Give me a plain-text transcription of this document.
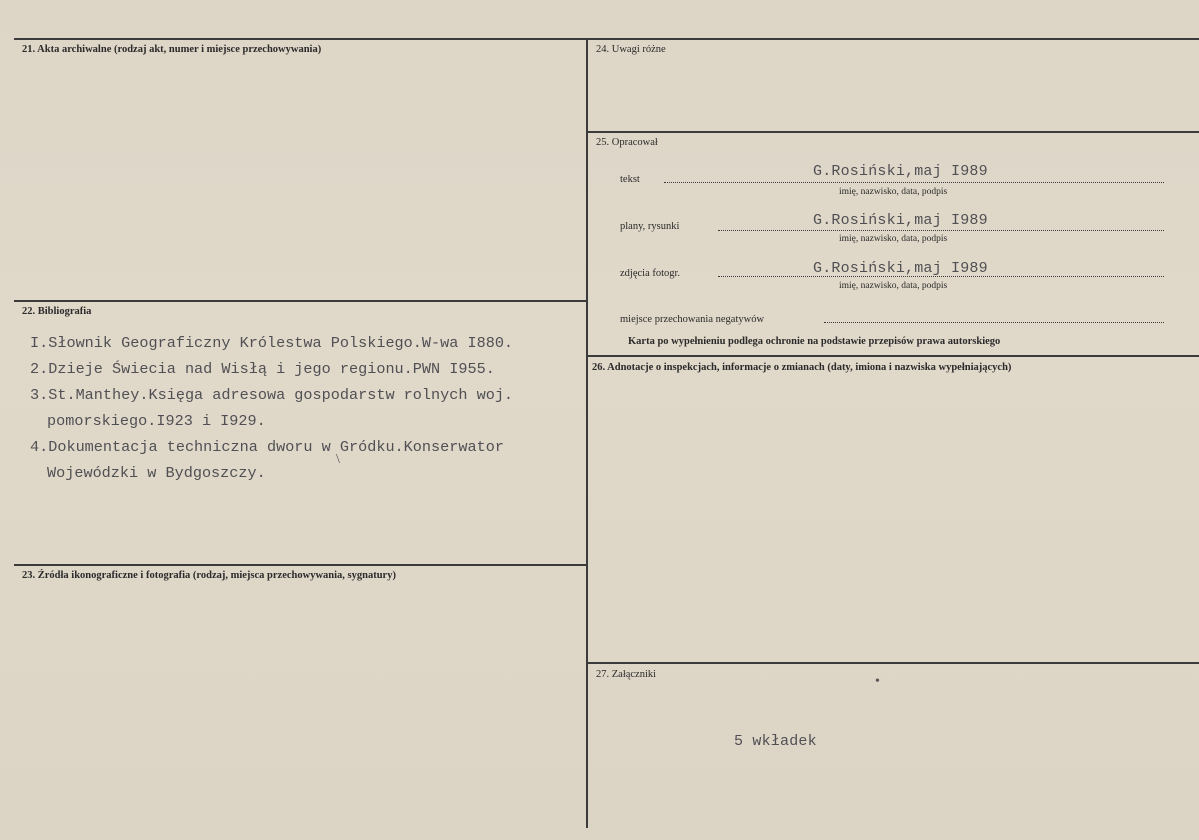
21. Akta archiwalne (rodzaj akt, numer i miejsce przechowywania)
22. Bibliografia
I.Słownik Geograficzny Królestwa Polskiego.W-wa I880.
2.Dzieje Świecia nad Wisłą i jego regionu.PWN I955.
3.St.Manthey.Księga adresowa gospodarstw rolnych woj.
pomorskiego.I923 i I929.
4.Dokumentacja techniczna dworu w Gródku.Konserwator
Wojewódzki w Bydgoszczy.
\
23. Źródła ikonograficzne i fotografia (rodzaj, miejsca przechowywania, sygnatury)
24. Uwagi różne
25. Opracował
tekst	G.Rosiński,maj I989
imię, nazwisko, data, podpis
plany, rysunki	G.Rosiński,maj I989
imię, nazwisko, data, podpis
zdjęcia fotogr.	G.Rosiński,maj I989
imię, nazwisko, data, podpis
miejsce przechowania negatywów
Karta po wypełnieniu podlega ochronie na podstawie przepisów prawa autorskiego
26. Adnotacje o inspekcjach, informacje o zmianach (daty, imiona i nazwiska wypełniających)
27. Załączniki	•
5 wkładek
